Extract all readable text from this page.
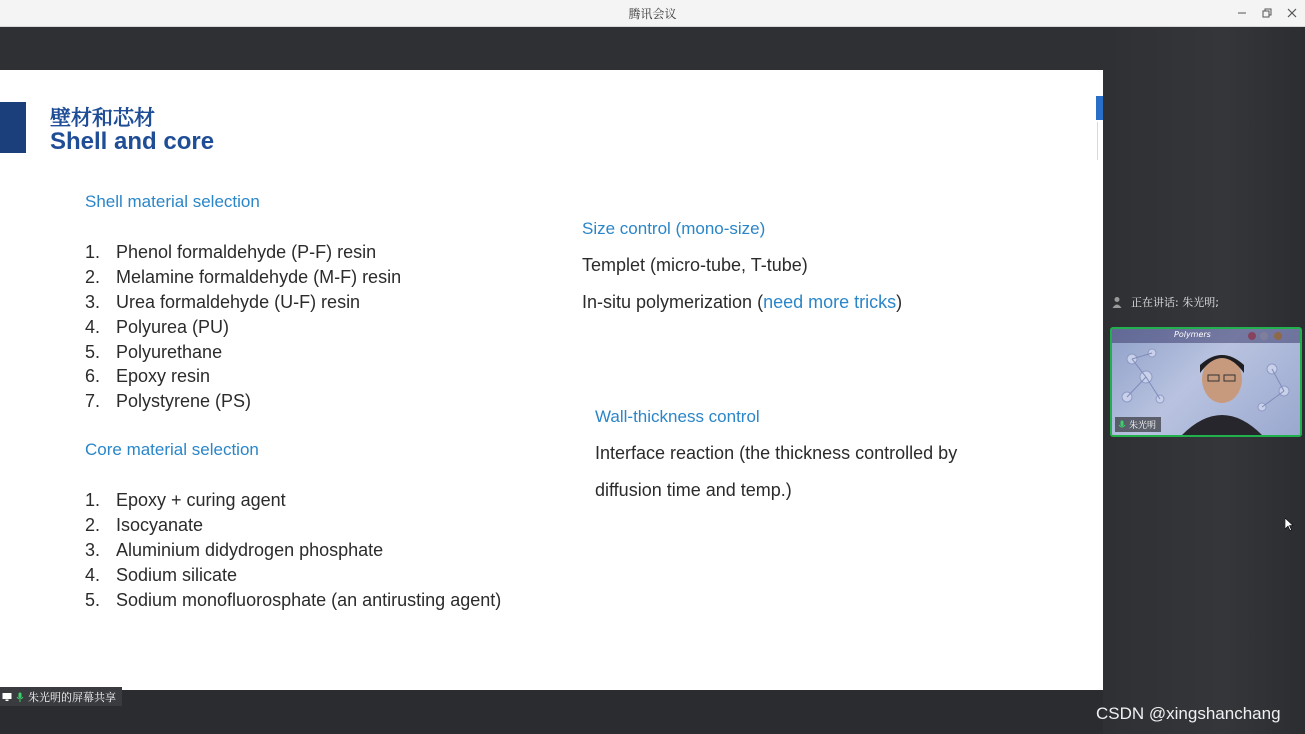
腾讯会议
壁材和芯材
Shell and core
Shell material selection
1. Phenol formaldehyde (P-F) resin
2. Melamine formaldehyde (M-F) resin
3. Urea formaldehyde (U-F) resin
4. Polyurea (PU)
5. Polyurethane
6. Epoxy resin
7. Polystyrene (PS)
Core material selection
1. Epoxy + curing agent
2. Isocyanate
3. Aluminium didydrogen phosphate
4. Sodium silicate
5. Sodium monofluorosphate (an antirusting agent)
Size control (mono-size)
Templet (micro-tube, T-tube)
In-situ polymerization (need more tricks)
Wall-thickness control
Interface reaction (the thickness controlled by
diffusion time and temp.)
朱光明的屏幕共享
正在讲话: 朱光明;
Polymers
朱光明
CSDN @xingshanchang
